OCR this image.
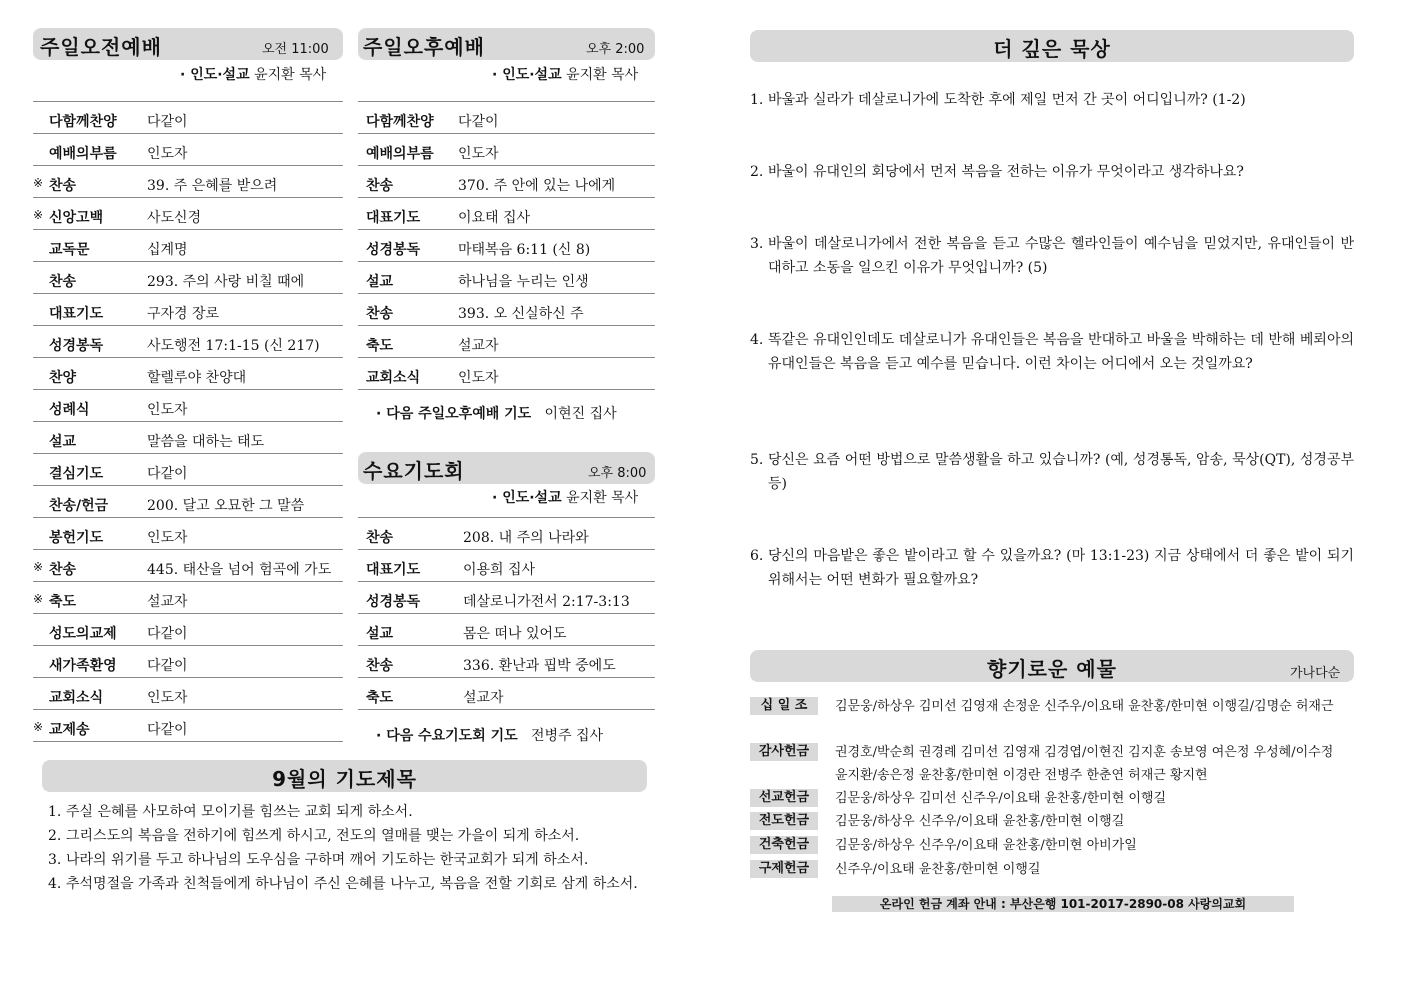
주일오전예배	오전 11:00
· 인도·설교 윤지환 목사
다함께찬양	다같이
예배의부름	인도자
※ 찬송	39. 주 은혜를 받으려
※ 신앙고백	사도신경
교독문	십계명
찬송	293. 주의 사랑 비칠 때에
대표기도	구자경 장로
성경봉독	사도행전 17:1-15 (신 217)
찬양	할렐루야 찬양대
성례식	인도자
설교	말씀을 대하는 태도
결심기도	다같이
찬송/헌금	200. 달고 오묘한 그 말씀
봉헌기도	인도자
※ 찬송	445. 태산을 넘어 험곡에 가도
※ 축도	설교자
성도의교제	다같이
새가족환영	다같이
교회소식	인도자
※ 교제송	다같이
주일오후예배	오후 2:00
· 인도·설교 윤지환 목사
다함께찬양 다같이
예배의부름 인도자
찬송	370. 주 안에 있는 나에게
대표기도	이요태 집사
성경봉독	마태복음 6:11 (신 8)
설교	하나님을 누리는 인생
찬송	393. 오 신실하신 주
축도	설교자
교회소식	인도자
· 다음 주일오후예배 기도 이현진 집사
수요기도회	오후 8:00
· 인도·설교 윤지환 목사
찬송	208. 내 주의 나라와
대표기도	이용희 집사
성경봉독	데살로니가전서 2:17-3:13
설교	몸은 떠나 있어도
찬송	336. 환난과 핍박 중에도
축도	설교자
· 다음 수요기도회 기도 전병주 집사
9월의 기도제목
1. 주실 은혜를 사모하여 모이기를 힘쓰는 교회 되게 하소서.
2. 그리스도의 복음을 전하기에 힘쓰게 하시고, 전도의 열매를 맺는 가을이 되게 하소서.
3. 나라의 위기를 두고 하나님의 도우심을 구하며 깨어 기도하는 한국교회가 되게 하소서.
4. 추석명절을 가족과 친척들에게 하나님이 주신 은혜를 나누고, 복음을 전할 기회로 삼게 하소서.
더 깊은 묵상
1. 바울과 실라가 데살로니가에 도착한 후에 제일 먼저 간 곳이 어디입니까? (1-2)
2. 바울이 유대인의 회당에서 먼저 복음을 전하는 이유가 무엇이라고 생각하나요?
3. 바울이 데살로니가에서 전한 복음을 듣고 수많은 헬라인들이 예수님을 믿었지만, 유대인들이 반대하고 소동을 일으킨 이유가 무엇입니까? (5)
4. 똑같은 유대인인데도 데살로니가 유대인들은 복음을 반대하고 바울을 박해하는 데 반해 베뢰아의 유대인들은 복음을 듣고 예수를 믿습니다. 이런 차이는 어디에서 오는 것일까요?
5. 당신은 요즘 어떤 방법으로 말씀생활을 하고 있습니까? (예, 성경통독, 암송, 묵상(QT), 성경공부 등)
6. 당신의 마음밭은 좋은 밭이라고 할 수 있을까요? (마 13:1-23) 지금 상태에서 더 좋은 밭이 되기 위해서는 어떤 변화가 필요할까요?
향기로운 예물	가나다순
십 일 조	김문웅/하상우 김미선 김영재 손정운 신주우/이요태 윤찬홍/한미현 이행길/김명순 허재근
감사헌금	권경호/박순희 권경례 김미선 김영재 김경엽/이현진 김지훈 송보영 여은정 우성혜/이수정 윤지환/송은정 윤찬홍/한미현 이경란 전병주 한춘연 허재근 황지현
선교헌금	김문웅/하상우 김미선 신주우/이요태 윤찬홍/한미현 이행길
전도헌금	김문웅/하상우 신주우/이요태 윤찬홍/한미현 이행길
건축헌금	김문웅/하상우 신주우/이요태 윤찬홍/한미현 아비가일
구제헌금	신주우/이요태 윤찬홍/한미현 이행길
온라인 헌금 계좌 안내 : 부산은행 101-2017-2890-08 사랑의교회
